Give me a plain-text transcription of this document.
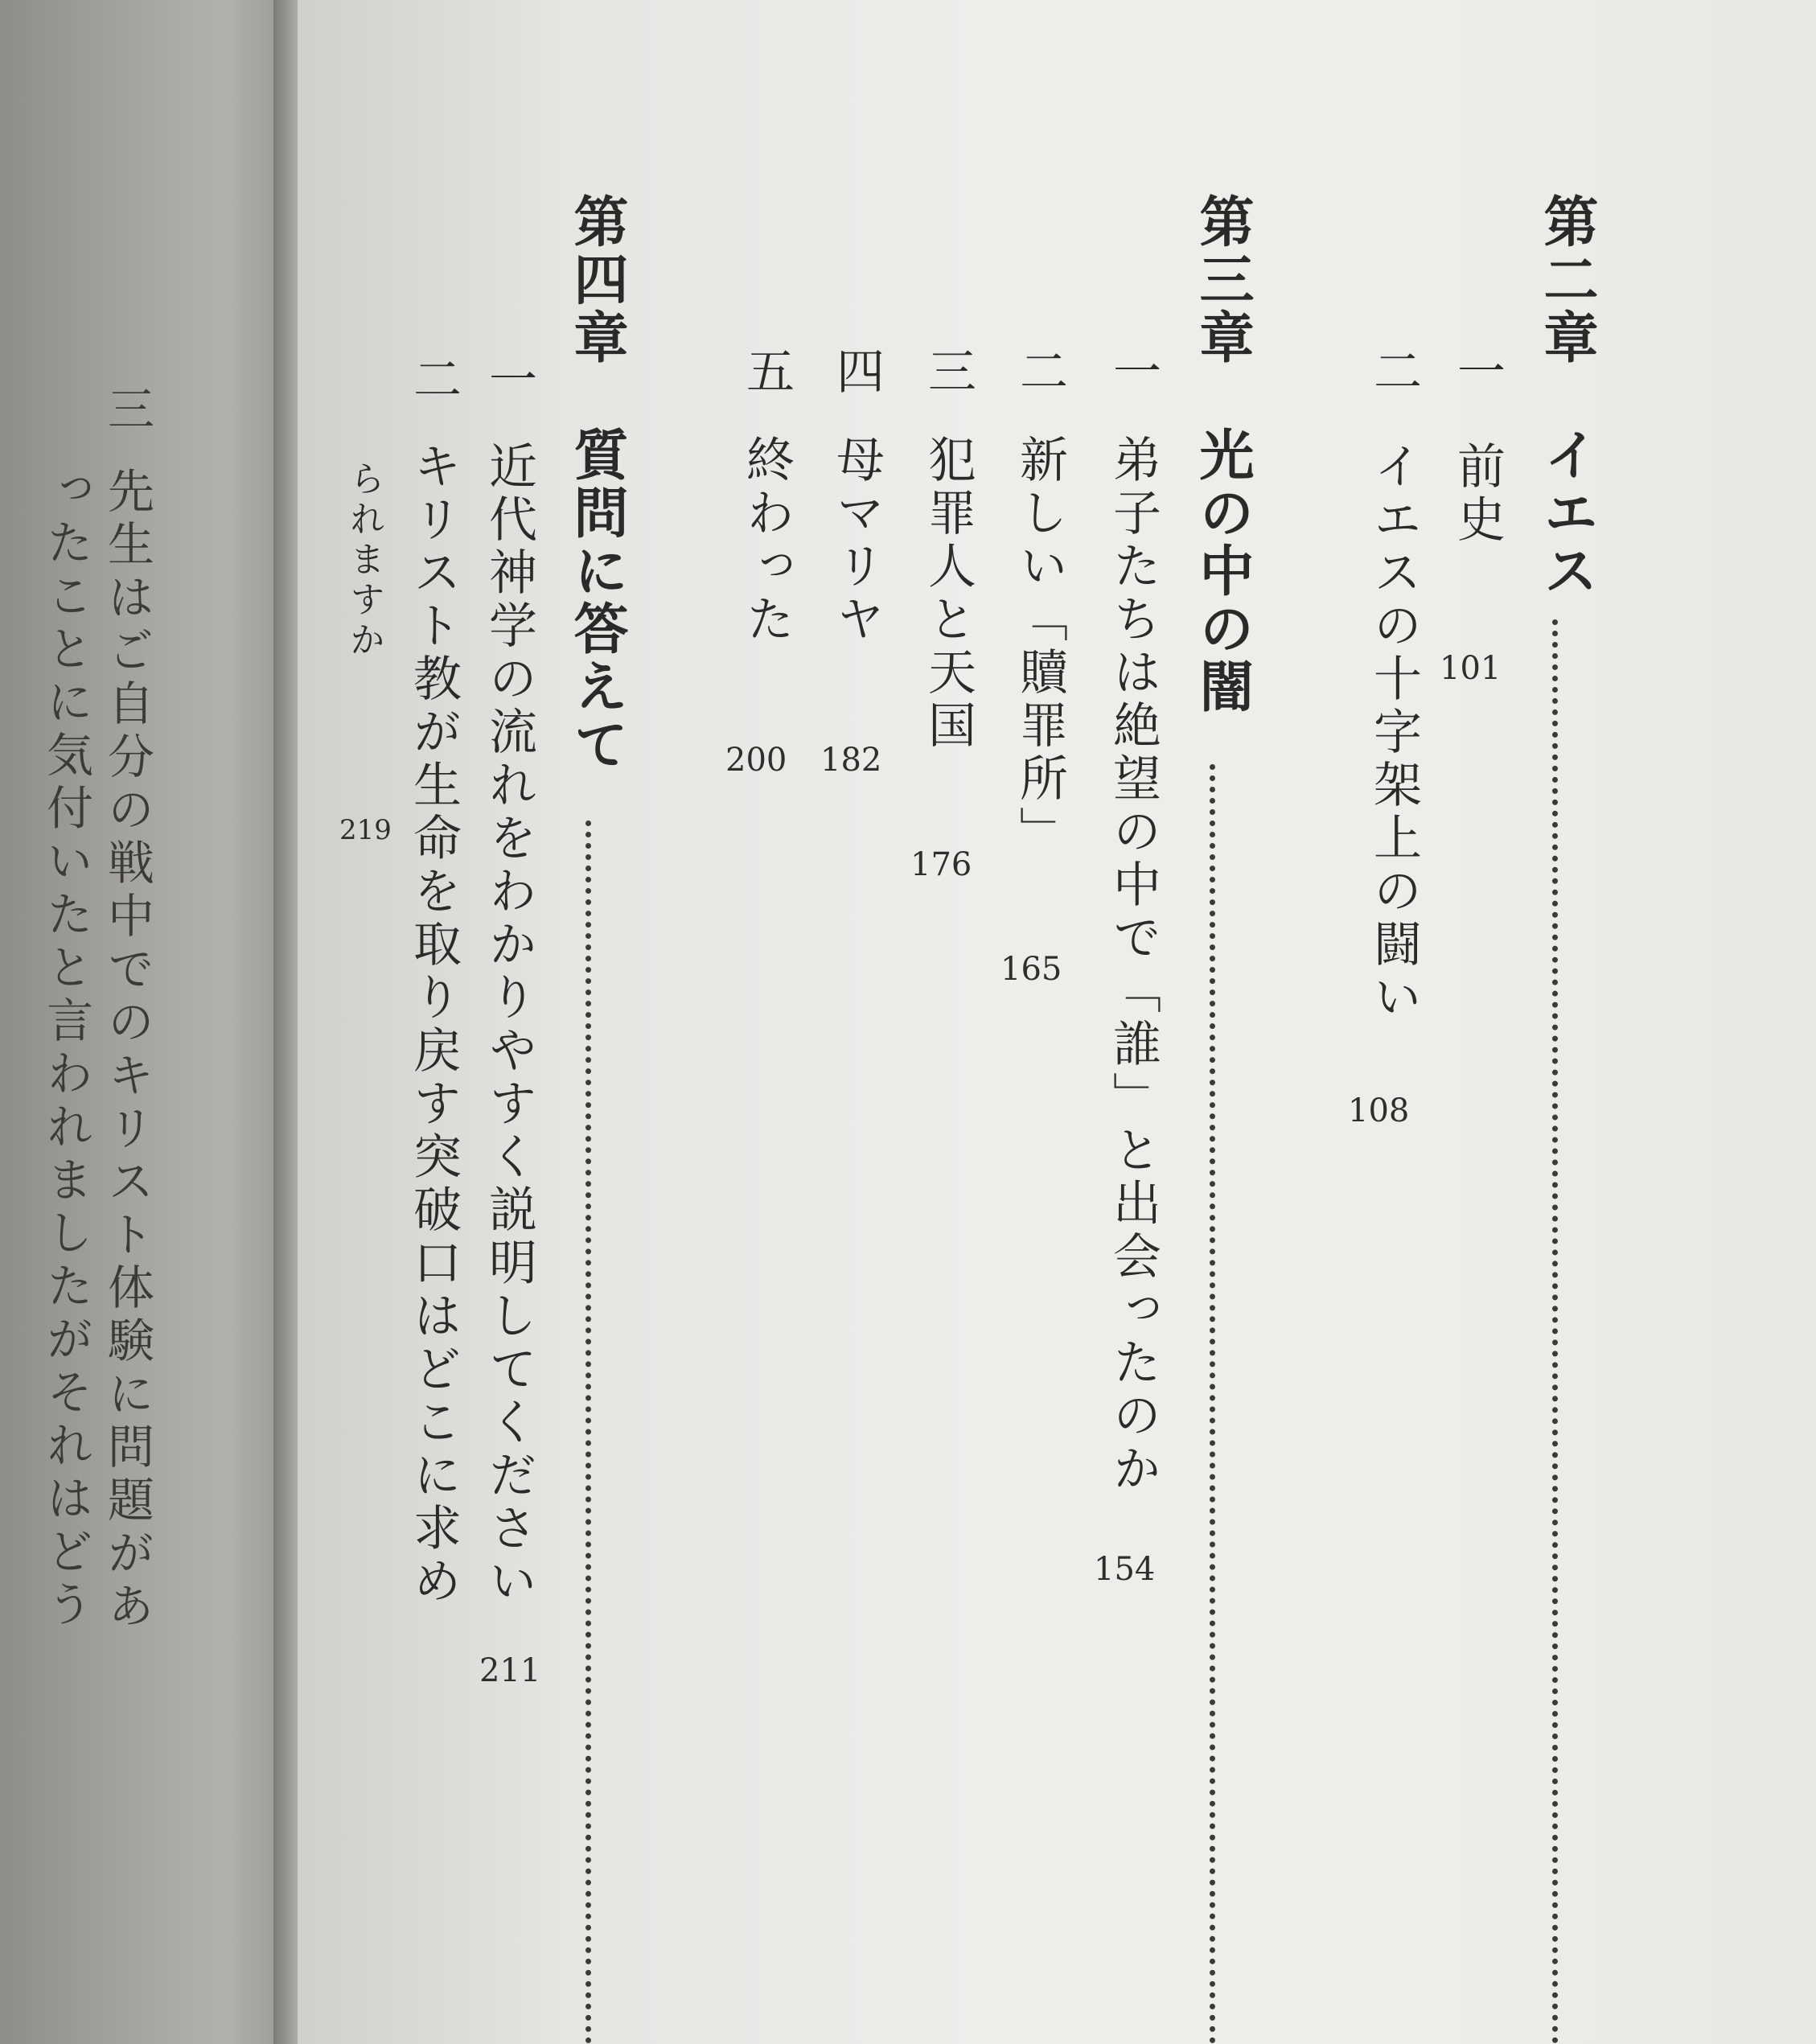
三
先生はご自分の戦中でのキリスト体験に問題があ
ったことに気付いたと言われましたがそれはどう
第二章
イエス
一
前史
101
二
イエスの十字架上の闘い
108
第三章
光の中の闇
一
弟子たちは絶望の中で「誰」と出会ったのか
154
二
新しい「贖罪所」
165
三
犯罪人と天国
176
四
母マリヤ
182
五
終わった
200
第四章
質問に答えて
一
近代神学の流れをわかりやすく説明してください
211
二
キリスト教が生命を取り戻す突破口はどこに求め
られますか
219
